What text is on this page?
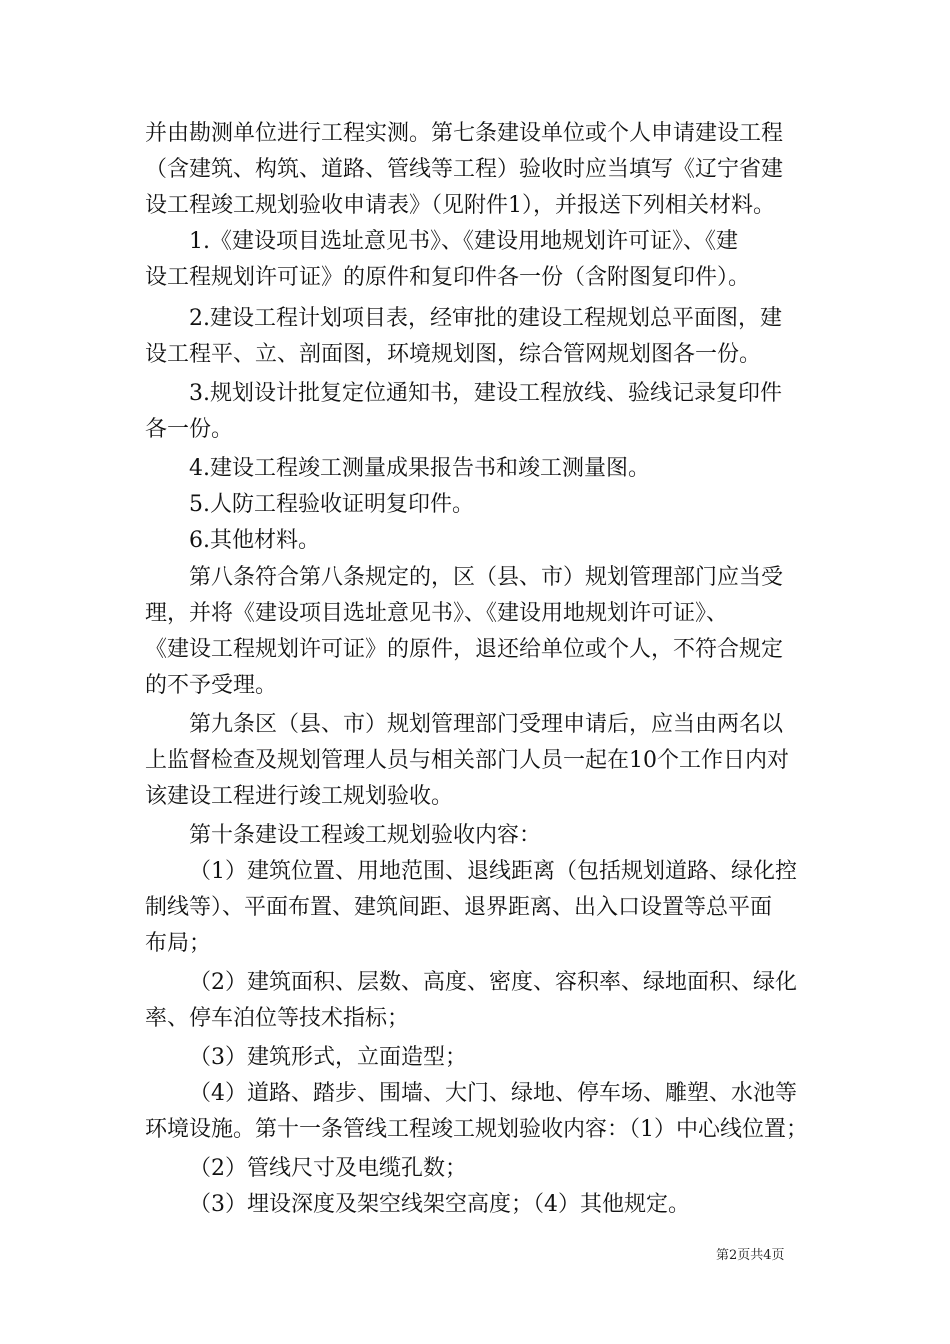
并由勘测单位进行工程实测。第七条建设单位或个人申请建设工程
（含建筑、构筑、道路、管线等工程）验收时应当填写《辽宁省建
设工程竣工规划验收申请表》（见附件1），并报送下列相关材料。
1.《建设项目选址意见书》、《建设用地规划许可证》、《建
设工程规划许可证》的原件和复印件各一份（含附图复印件）。
2.建设工程计划项目表，经审批的建设工程规划总平面图，建
设工程平、立、剖面图，环境规划图，综合管网规划图各一份。
3.规划设计批复定位通知书，建设工程放线、验线记录复印件
各一份。
4.建设工程竣工测量成果报告书和竣工测量图。
5.人防工程验收证明复印件。
6.其他材料。
第八条符合第八条规定的，区（县、市）规划管理部门应当受
理，并将《建设项目选址意见书》、《建设用地规划许可证》、
《建设工程规划许可证》的原件，退还给单位或个人，不符合规定
的不予受理。
第九条区（县、市）规划管理部门受理申请后，应当由两名以
上监督检查及规划管理人员与相关部门人员一起在10个工作日内对
该建设工程进行竣工规划验收。
第十条建设工程竣工规划验收内容：
（1）建筑位置、用地范围、退线距离（包括规划道路、绿化控
制线等）、平面布置、建筑间距、退界距离、出入口设置等总平面
布局；
（2）建筑面积、层数、高度、密度、容积率、绿地面积、绿化
率、停车泊位等技术指标；
（3）建筑形式，立面造型；
（4）道路、踏步、围墙、大门、绿地、停车场、雕塑、水池等
环境设施。第十一条管线工程竣工规划验收内容：（1）中心线位置；
（2）管线尺寸及电缆孔数；
（3）埋设深度及架空线架空高度；（4）其他规定。
第2页共4页
